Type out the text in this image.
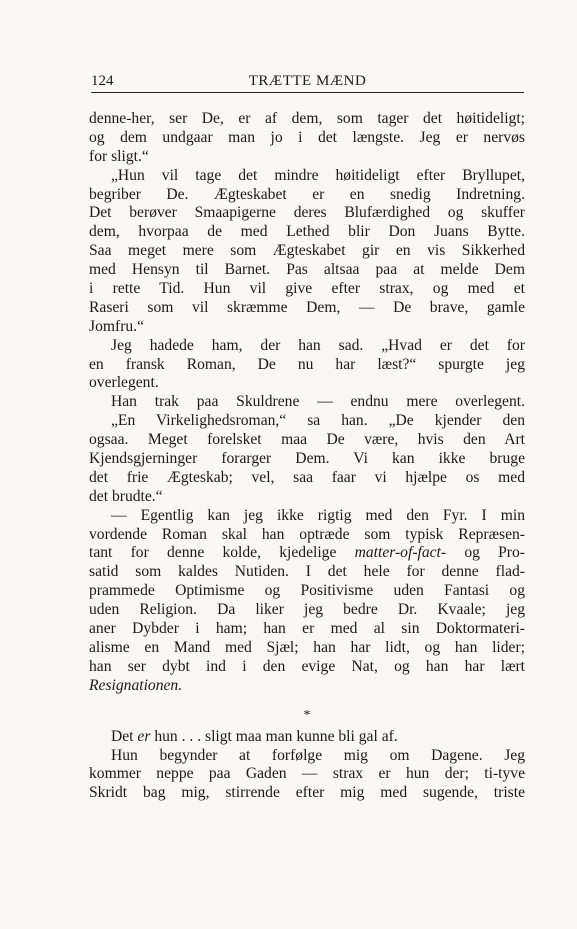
124	TRÆTTE MÆND
denne-her, ser De, er af dem, som tager det høitideligt;
og dem undgaar man jo i det længste. Jeg er nervøs
for sligt.“
„Hun vil tage det mindre høitideligt efter Bryllupet,
begriber De. Ægteskabet er en snedig Indretning.
Det berøver Smaapigerne deres Blufærdighed og skuffer
dem, hvorpaa de med Lethed blir Don Juans Bytte.
Saa meget mere som Ægteskabet gir en vis Sikkerhed
med Hensyn til Barnet. Pas altsaa paa at melde Dem
i rette Tid. Hun vil give efter strax, og med et
Raseri som vil skræmme Dem, — De brave, gamle
Jomfru.“
Jeg hadede ham, der han sad. „Hvad er det for
en fransk Roman, De nu har læst?“ spurgte jeg
overlegent.
Han trak paa Skuldrene — endnu mere overlegent.
„En Virkelighedsroman,“ sa han. „De kjender den
ogsaa. Meget forelsket maa De være, hvis den Art
Kjendsgjerninger forarger Dem. Vi kan ikke bruge
det frie Ægteskab; vel, saa faar vi hjælpe os med
det brudte.“
— Egentlig kan jeg ikke rigtig med den Fyr. I min
vordende Roman skal han optræde som typisk Repræsen-
tant for denne kolde, kjedelige matter-of-fact- og Pro-
satid som kaldes Nutiden. I det hele for denne flad-
prammede Optimisme og Positivisme uden Fantasi og
uden Religion. Da liker jeg bedre Dr. Kvaale; jeg
aner Dybder i ham; han er med al sin Doktormateri-
alisme en Mand med Sjæl; han har lidt, og han lider;
han ser dybt ind i den evige Nat, og han har lært
Resignationen.
*
Det er hun . . . sligt maa man kunne bli gal af.
Hun begynder at forfølge mig om Dagene. Jeg
kommer neppe paa Gaden — strax er hun der; ti-tyve
Skridt bag mig, stirrende efter mig med sugende, triste
